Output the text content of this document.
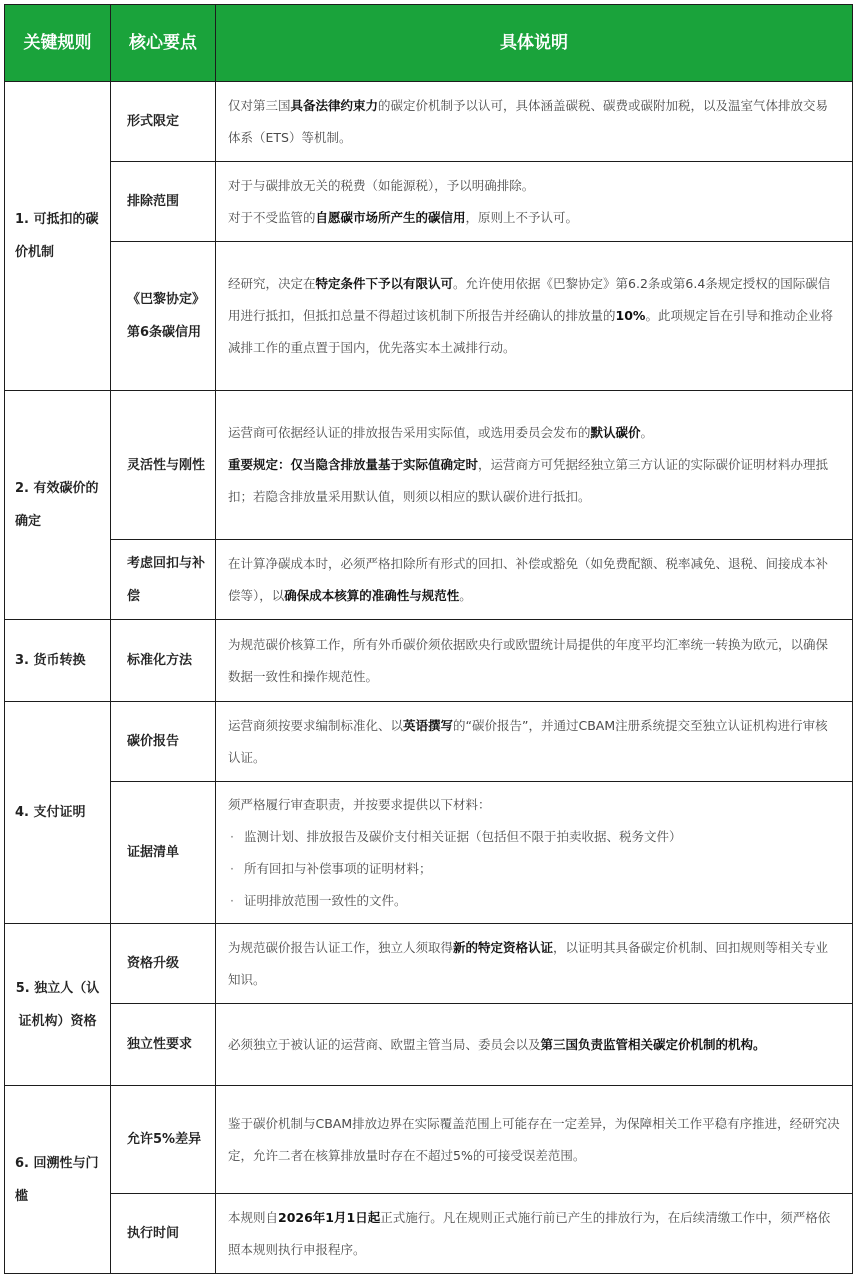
关键规则	核心要点	具体说明
1. 可抵扣的碳价机制	形式限定	仅对第三国具备法律约束力的碳定价机制予以认可，具体涵盖碳税、碳费或碳附加税，以及温室气体排放交易体系（ETS）等机制。
	排除范围	对于与碳排放无关的税费（如能源税），予以明确排除。
对于不受监管的自愿碳市场所产生的碳信用，原则上不予认可。

	《巴黎协定》第6条碳信用	经研究，决定在特定条件下予以有限认可。允许使用依据《巴黎协定》第6.2条或第6.4条规定授权的国际碳信用进行抵扣，但抵扣总量不得超过该机制下所报告并经确认的排放量的10%。此项规定旨在引导和推动企业将减排工作的重点置于国内，优先落实本土减排行动。
2. 有效碳价的确定	灵活性与刚性	运营商可依据经认证的排放报告采用实际值，或选用委员会发布的默认碳价。
重要规定：仅当隐含排放量基于实际值确定时，运营商方可凭据经独立第三方认证的实际碳价证明材料办理抵扣；若隐含排放量采用默认值，则须以相应的默认碳价进行抵扣。

	考虑回扣与补偿	在计算净碳成本时，必须严格扣除所有形式的回扣、补偿或豁免（如免费配额、税率减免、退税、间接成本补偿等），以确保成本核算的准确性与规范性。
3. 货币转换	标准化方法	为规范碳价核算工作，所有外币碳价须依据欧央行或欧盟统计局提供的年度平均汇率统一转换为欧元，以确保数据一致性和操作规范性。
4. 支付证明	碳价报告	运营商须按要求编制标准化、以英语撰写的“碳价报告”，并通过CBAM注册系统提交至独立认证机构进行审核认证。
	证据清单	须严格履行审查职责，并按要求提供以下材料：
· 监测计划、排放报告及碳价支付相关证据（包括但不限于拍卖收据、税务文件）
· 所有回扣与补偿事项的证明材料；
· 证明排放范围一致性的文件。

5. 独立人（认证机构）资格	资格升级	为规范碳价报告认证工作，独立人须取得新的特定资格认证，以证明其具备碳定价机制、回扣规则等相关专业知识。
	独立性要求	必须独立于被认证的运营商、欧盟主管当局、委员会以及第三国负责监管相关碳定价机制的机构。
6. 回溯性与门槛	允许5%差异	鉴于碳价机制与CBAM排放边界在实际覆盖范围上可能存在一定差异，为保障相关工作平稳有序推进，经研究决定，允许二者在核算排放量时存在不超过5%的可接受误差范围。
	执行时间	本规则自2026年1月1日起正式施行。凡在规则正式施行前已产生的排放行为，在后续清缴工作中，须严格依照本规则执行申报程序。
